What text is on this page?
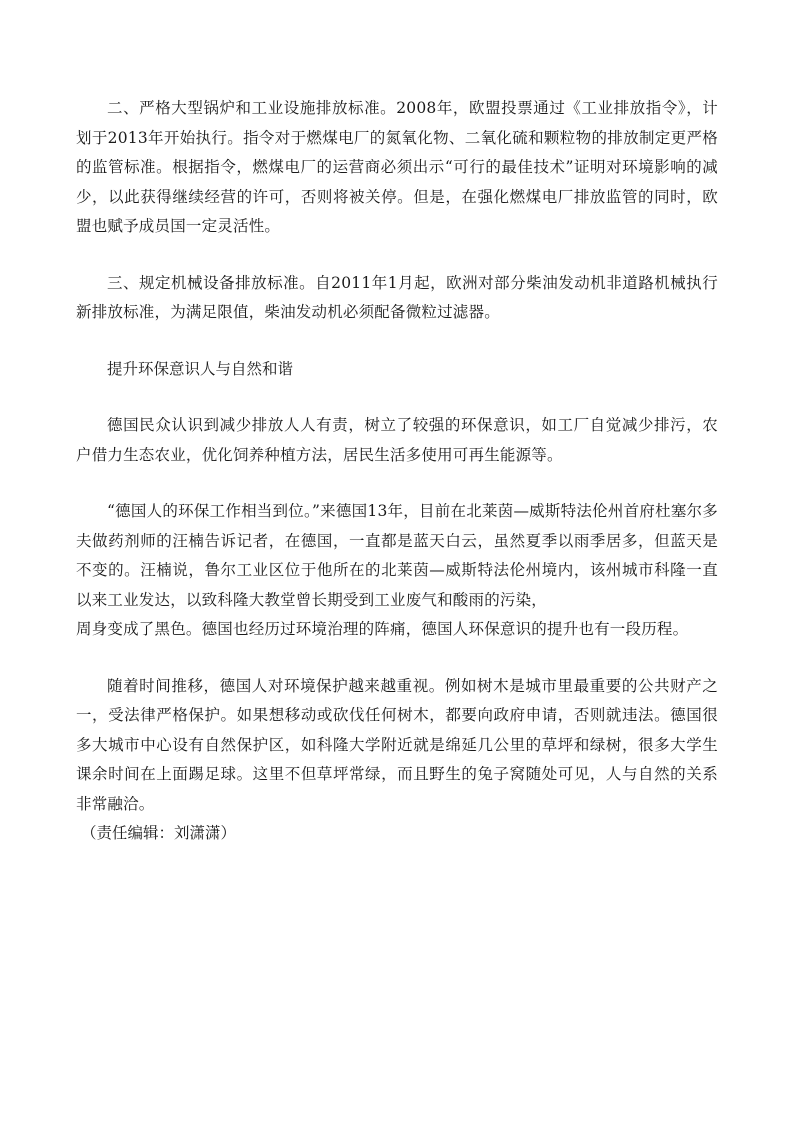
二、严格大型锅炉和工业设施排放标准。2008年，欧盟投票通过《工业排放指令》，计划于2013年开始执行。指令对于燃煤电厂的氮氧化物、二氧化硫和颗粒物的排放制定更严格的监管标准。根据指令，燃煤电厂的运营商必须出示“可行的最佳技术”证明对环境影响的减少，以此获得继续经营的许可，否则将被关停。但是，在强化燃煤电厂排放监管的同时，欧盟也赋予成员国一定灵活性。

三、规定机械设备排放标准。自2011年1月起，欧洲对部分柴油发动机非道路机械执行新排放标准，为满足限值，柴油发动机必须配备微粒过滤器。

提升环保意识人与自然和谐

德国民众认识到减少排放人人有责，树立了较强的环保意识，如工厂自觉减少排污，农户借力生态农业，优化饲养种植方法，居民生活多使用可再生能源等。

“德国人的环保工作相当到位。”来德国13年，目前在北莱茵—威斯特法伦州首府杜塞尔多夫做药剂师的汪楠告诉记者，在德国，一直都是蓝天白云，虽然夏季以雨季居多，但蓝天是不变的。汪楠说，鲁尔工业区位于他所在的北莱茵—威斯特法伦州境内，该州城市科隆一直以来工业发达，以致科隆大教堂曾长期受到工业废气和酸雨的污染，

周身变成了黑色。德国也经历过环境治理的阵痛，德国人环保意识的提升也有一段历程。

随着时间推移，德国人对环境保护越来越重视。例如树木是城市里最重要的公共财产之一，受法律严格保护。如果想移动或砍伐任何树木，都要向政府申请，否则就违法。德国很多大城市中心设有自然保护区，如科隆大学附近就是绵延几公里的草坪和绿树，很多大学生课余时间在上面踢足球。这里不但草坪常绿，而且野生的兔子窝随处可见，人与自然的关系非常融洽。

（责任编辑：刘潇潇）
